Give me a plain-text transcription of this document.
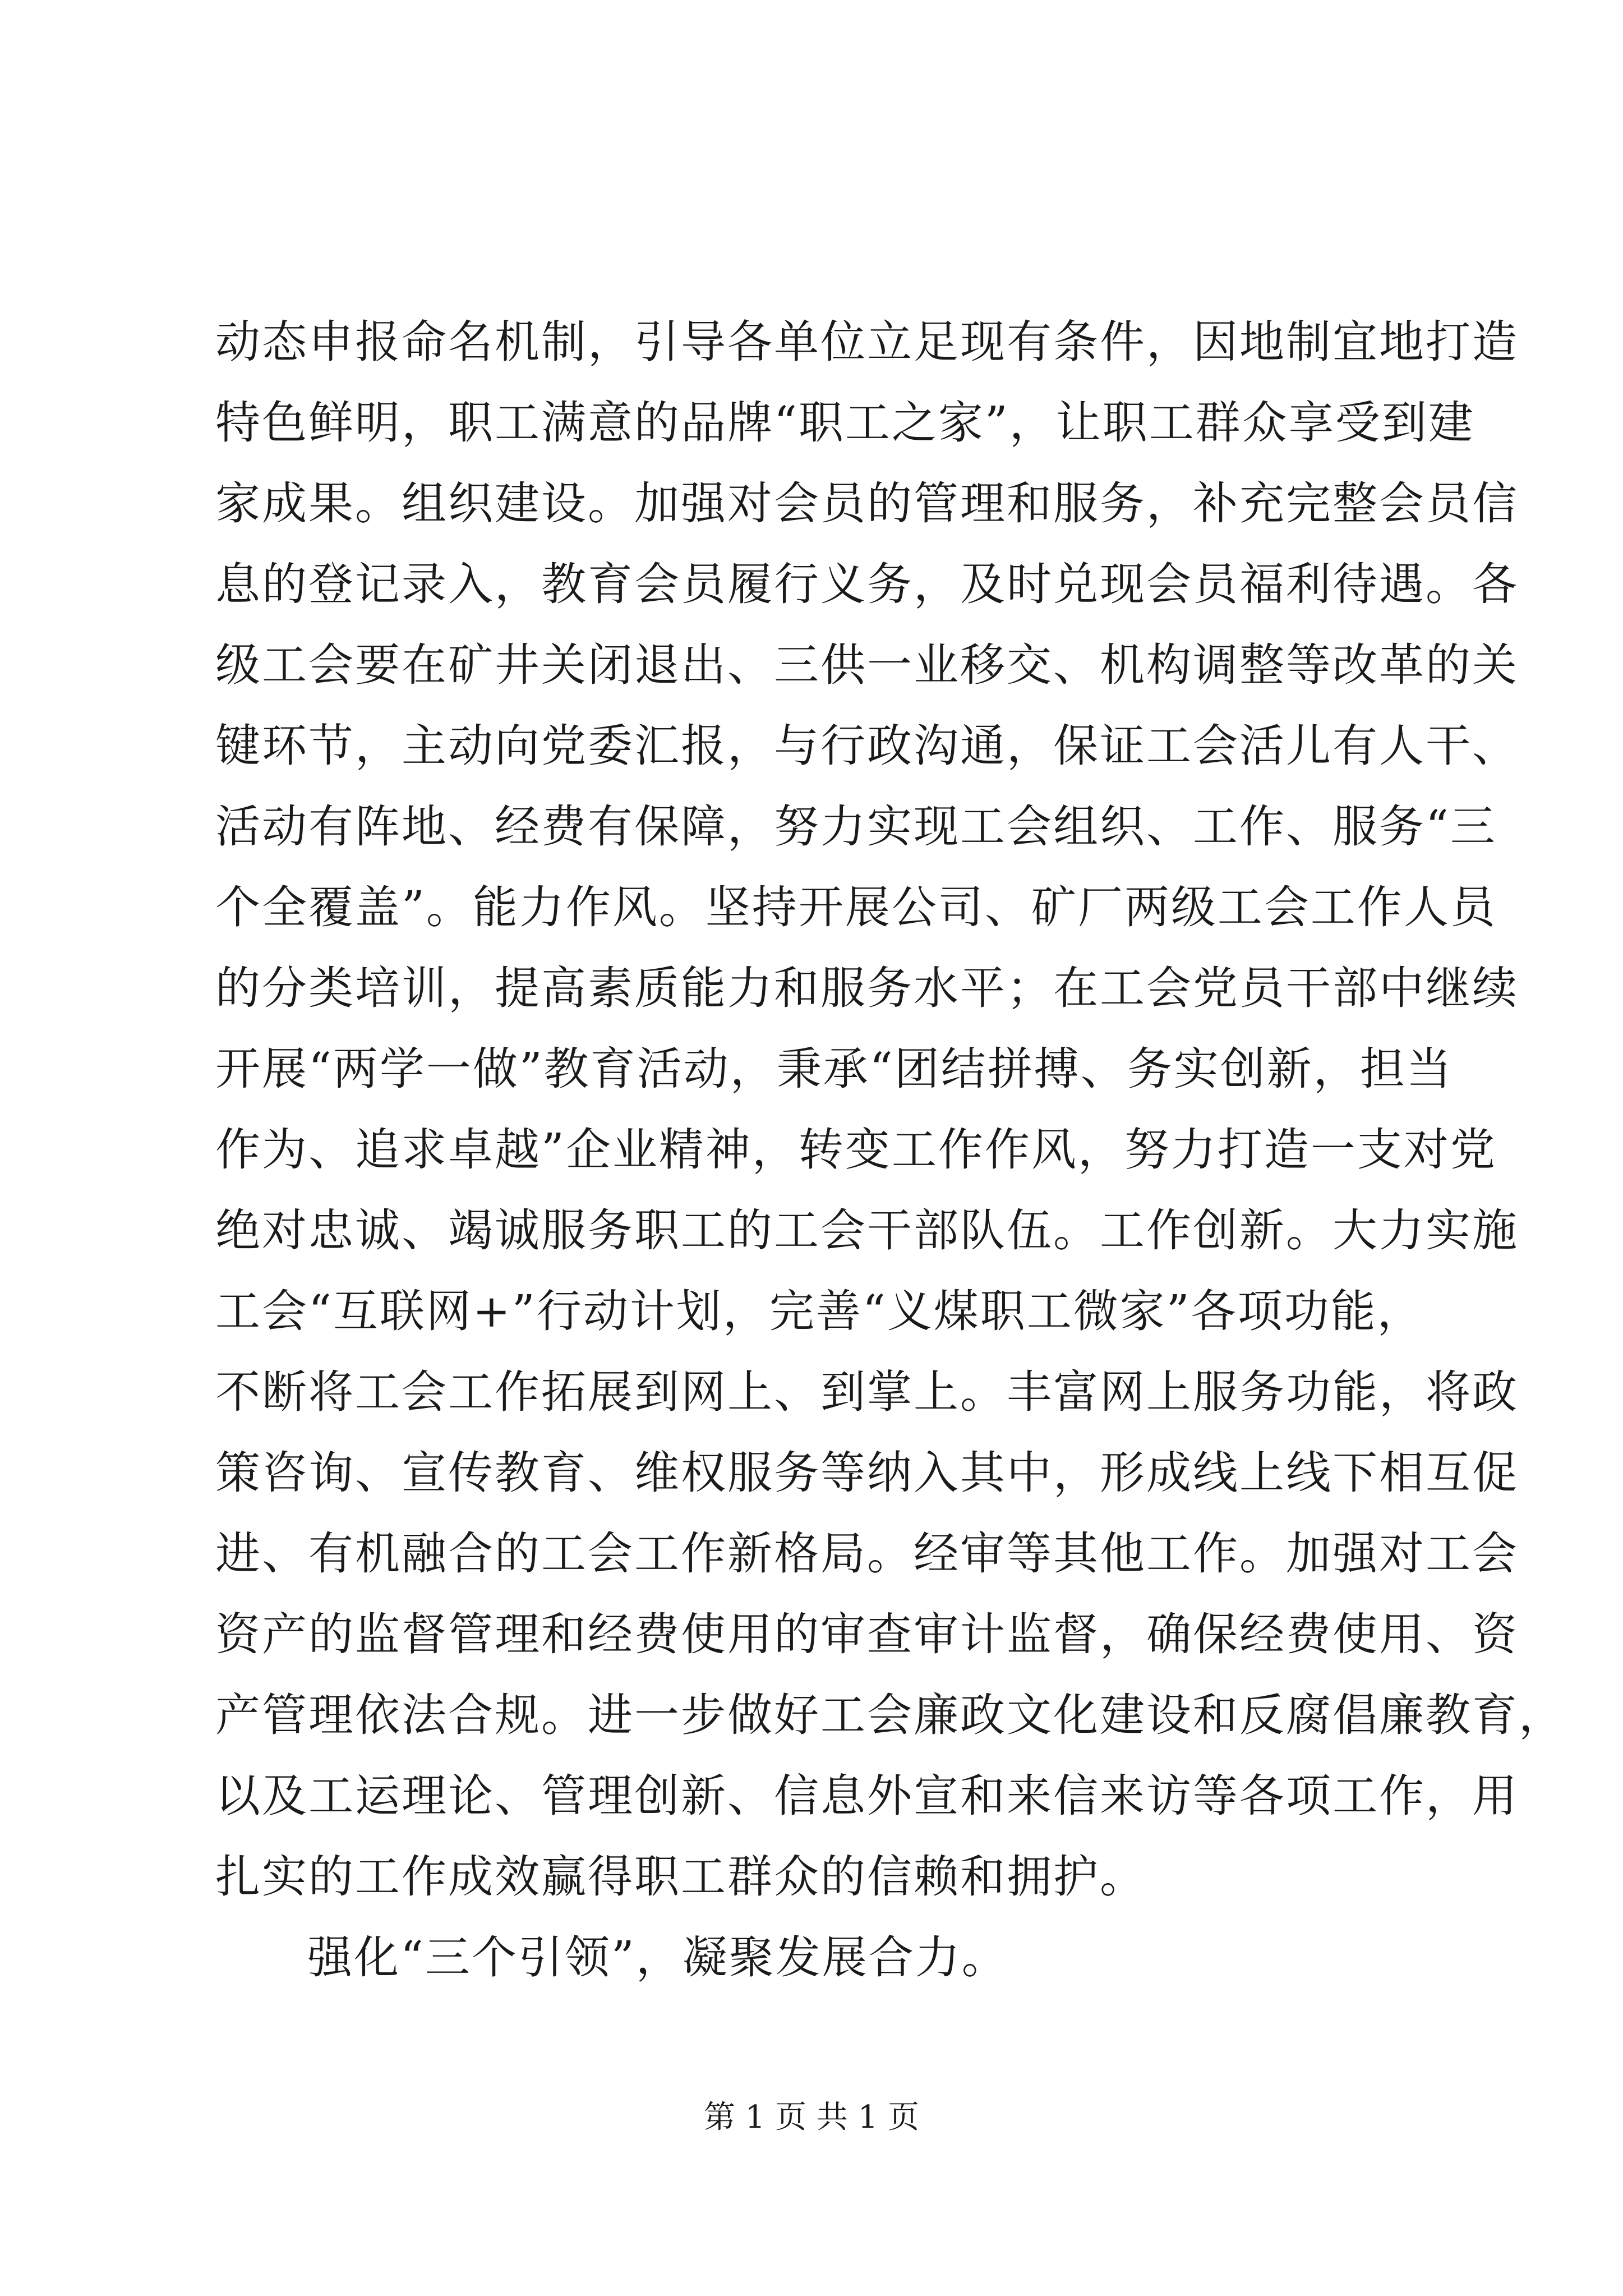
动态申报命名机制，引导各单位立足现有条件，因地制宜地打造
特色鲜明，职工满意的品牌“职工之家”，让职工群众享受到建
家成果。组织建设。加强对会员的管理和服务，补充完整会员信
息的登记录入，教育会员履行义务，及时兑现会员福利待遇。各
级工会要在矿井关闭退出、三供一业移交、机构调整等改革的关
键环节，主动向党委汇报，与行政沟通，保证工会活儿有人干、
活动有阵地、经费有保障，努力实现工会组织、工作、服务“三
个全覆盖”。能力作风。坚持开展公司、矿厂两级工会工作人员
的分类培训，提高素质能力和服务水平；在工会党员干部中继续
开展“两学一做”教育活动，秉承“团结拼搏、务实创新，担当
作为、追求卓越”企业精神，转变工作作风，努力打造一支对党
绝对忠诚、竭诚服务职工的工会干部队伍。工作创新。大力实施
工会“互联网+”行动计划，完善“义煤职工微家”各项功能，
不断将工会工作拓展到网上、到掌上。丰富网上服务功能，将政
策咨询、宣传教育、维权服务等纳入其中，形成线上线下相互促
进、有机融合的工会工作新格局。经审等其他工作。加强对工会
资产的监督管理和经费使用的审查审计监督，确保经费使用、资
产管理依法合规。进一步做好工会廉政文化建设和反腐倡廉教育，
以及工运理论、管理创新、信息外宣和来信来访等各项工作，用
扎实的工作成效赢得职工群众的信赖和拥护。
强化“三个引领”，凝聚发展合力。
第 1 页 共 1 页
